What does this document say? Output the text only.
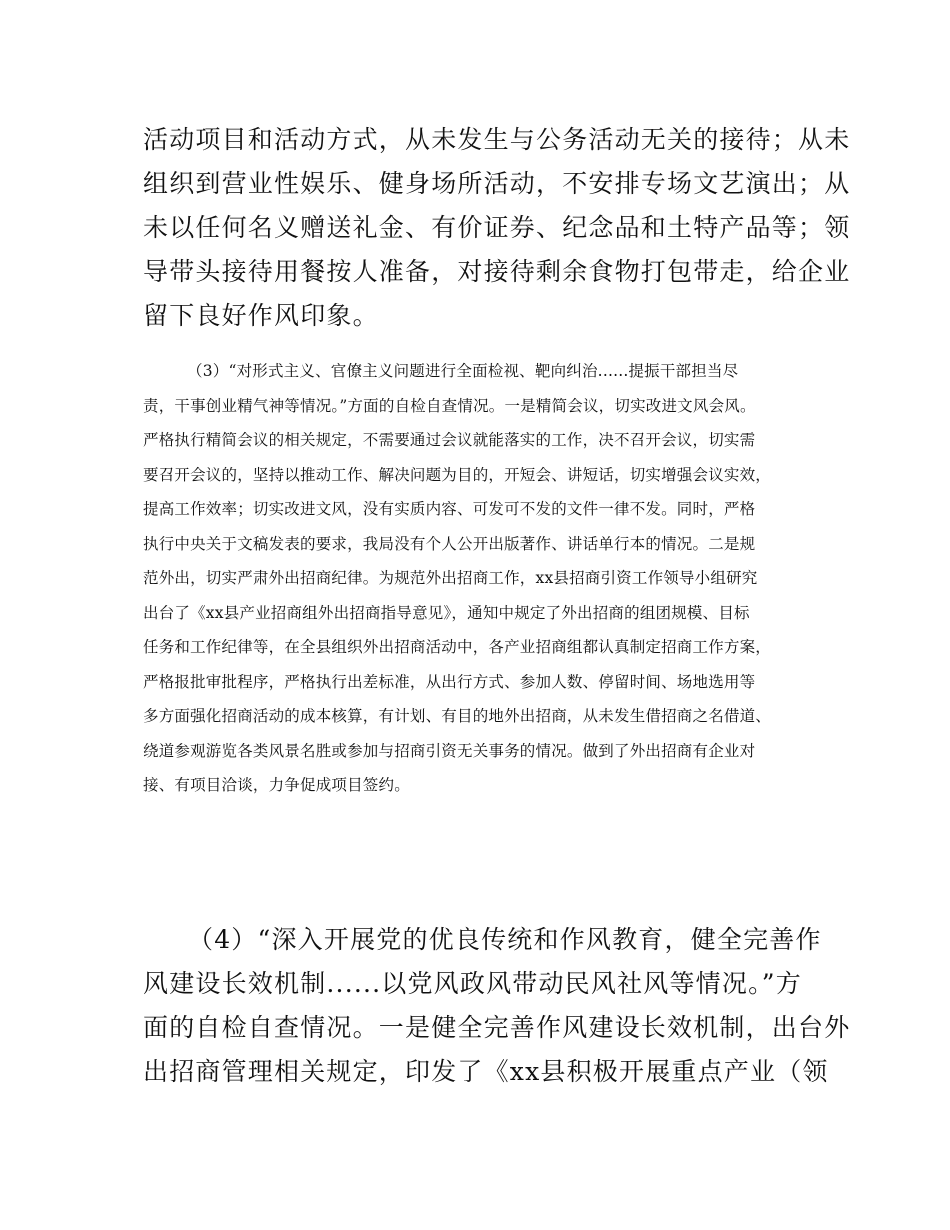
活动项目和活动方式，从未发生与公务活动无关的接待；从未
组织到营业性娱乐、健身场所活动，不安排专场文艺演出；从
未以任何名义赠送礼金、有价证券、纪念品和土特产品等；领
导带头接待用餐按人准备，对接待剩余食物打包带走，给企业
留下良好作风印象。
（3）“对形式主义、官僚主义问题进行全面检视、靶向纠治......提振干部担当尽
责，干事创业精气神等情况。”方面的自检自查情况。一是精简会议，切实改进文风会风。
严格执行精简会议的相关规定，不需要通过会议就能落实的工作，决不召开会议，切实需
要召开会议的，坚持以推动工作、解决问题为目的，开短会、讲短话，切实增强会议实效，
提高工作效率；切实改进文风，没有实质内容、可发可不发的文件一律不发。同时，严格
执行中央关于文稿发表的要求，我局没有个人公开出版著作、讲话单行本的情况。二是规
范外出，切实严肃外出招商纪律。为规范外出招商工作，xx县招商引资工作领导小组研究
出台了《xx县产业招商组外出招商指导意见》，通知中规定了外出招商的组团规模、目标
任务和工作纪律等，在全县组织外出招商活动中，各产业招商组都认真制定招商工作方案，
严格报批审批程序，严格执行出差标准，从出行方式、参加人数、停留时间、场地选用等
多方面强化招商活动的成本核算，有计划、有目的地外出招商，从未发生借招商之名借道、
绕道参观游览各类风景名胜或参加与招商引资无关事务的情况。做到了外出招商有企业对
接、有项目洽谈，力争促成项目签约。
（4）“深入开展党的优良传统和作风教育，健全完善作
风建设长效机制......以党风政风带动民风社风等情况。”方
面的自检自查情况。一是健全完善作风建设长效机制，出台外
出招商管理相关规定，印发了《xx县积极开展重点产业（领
